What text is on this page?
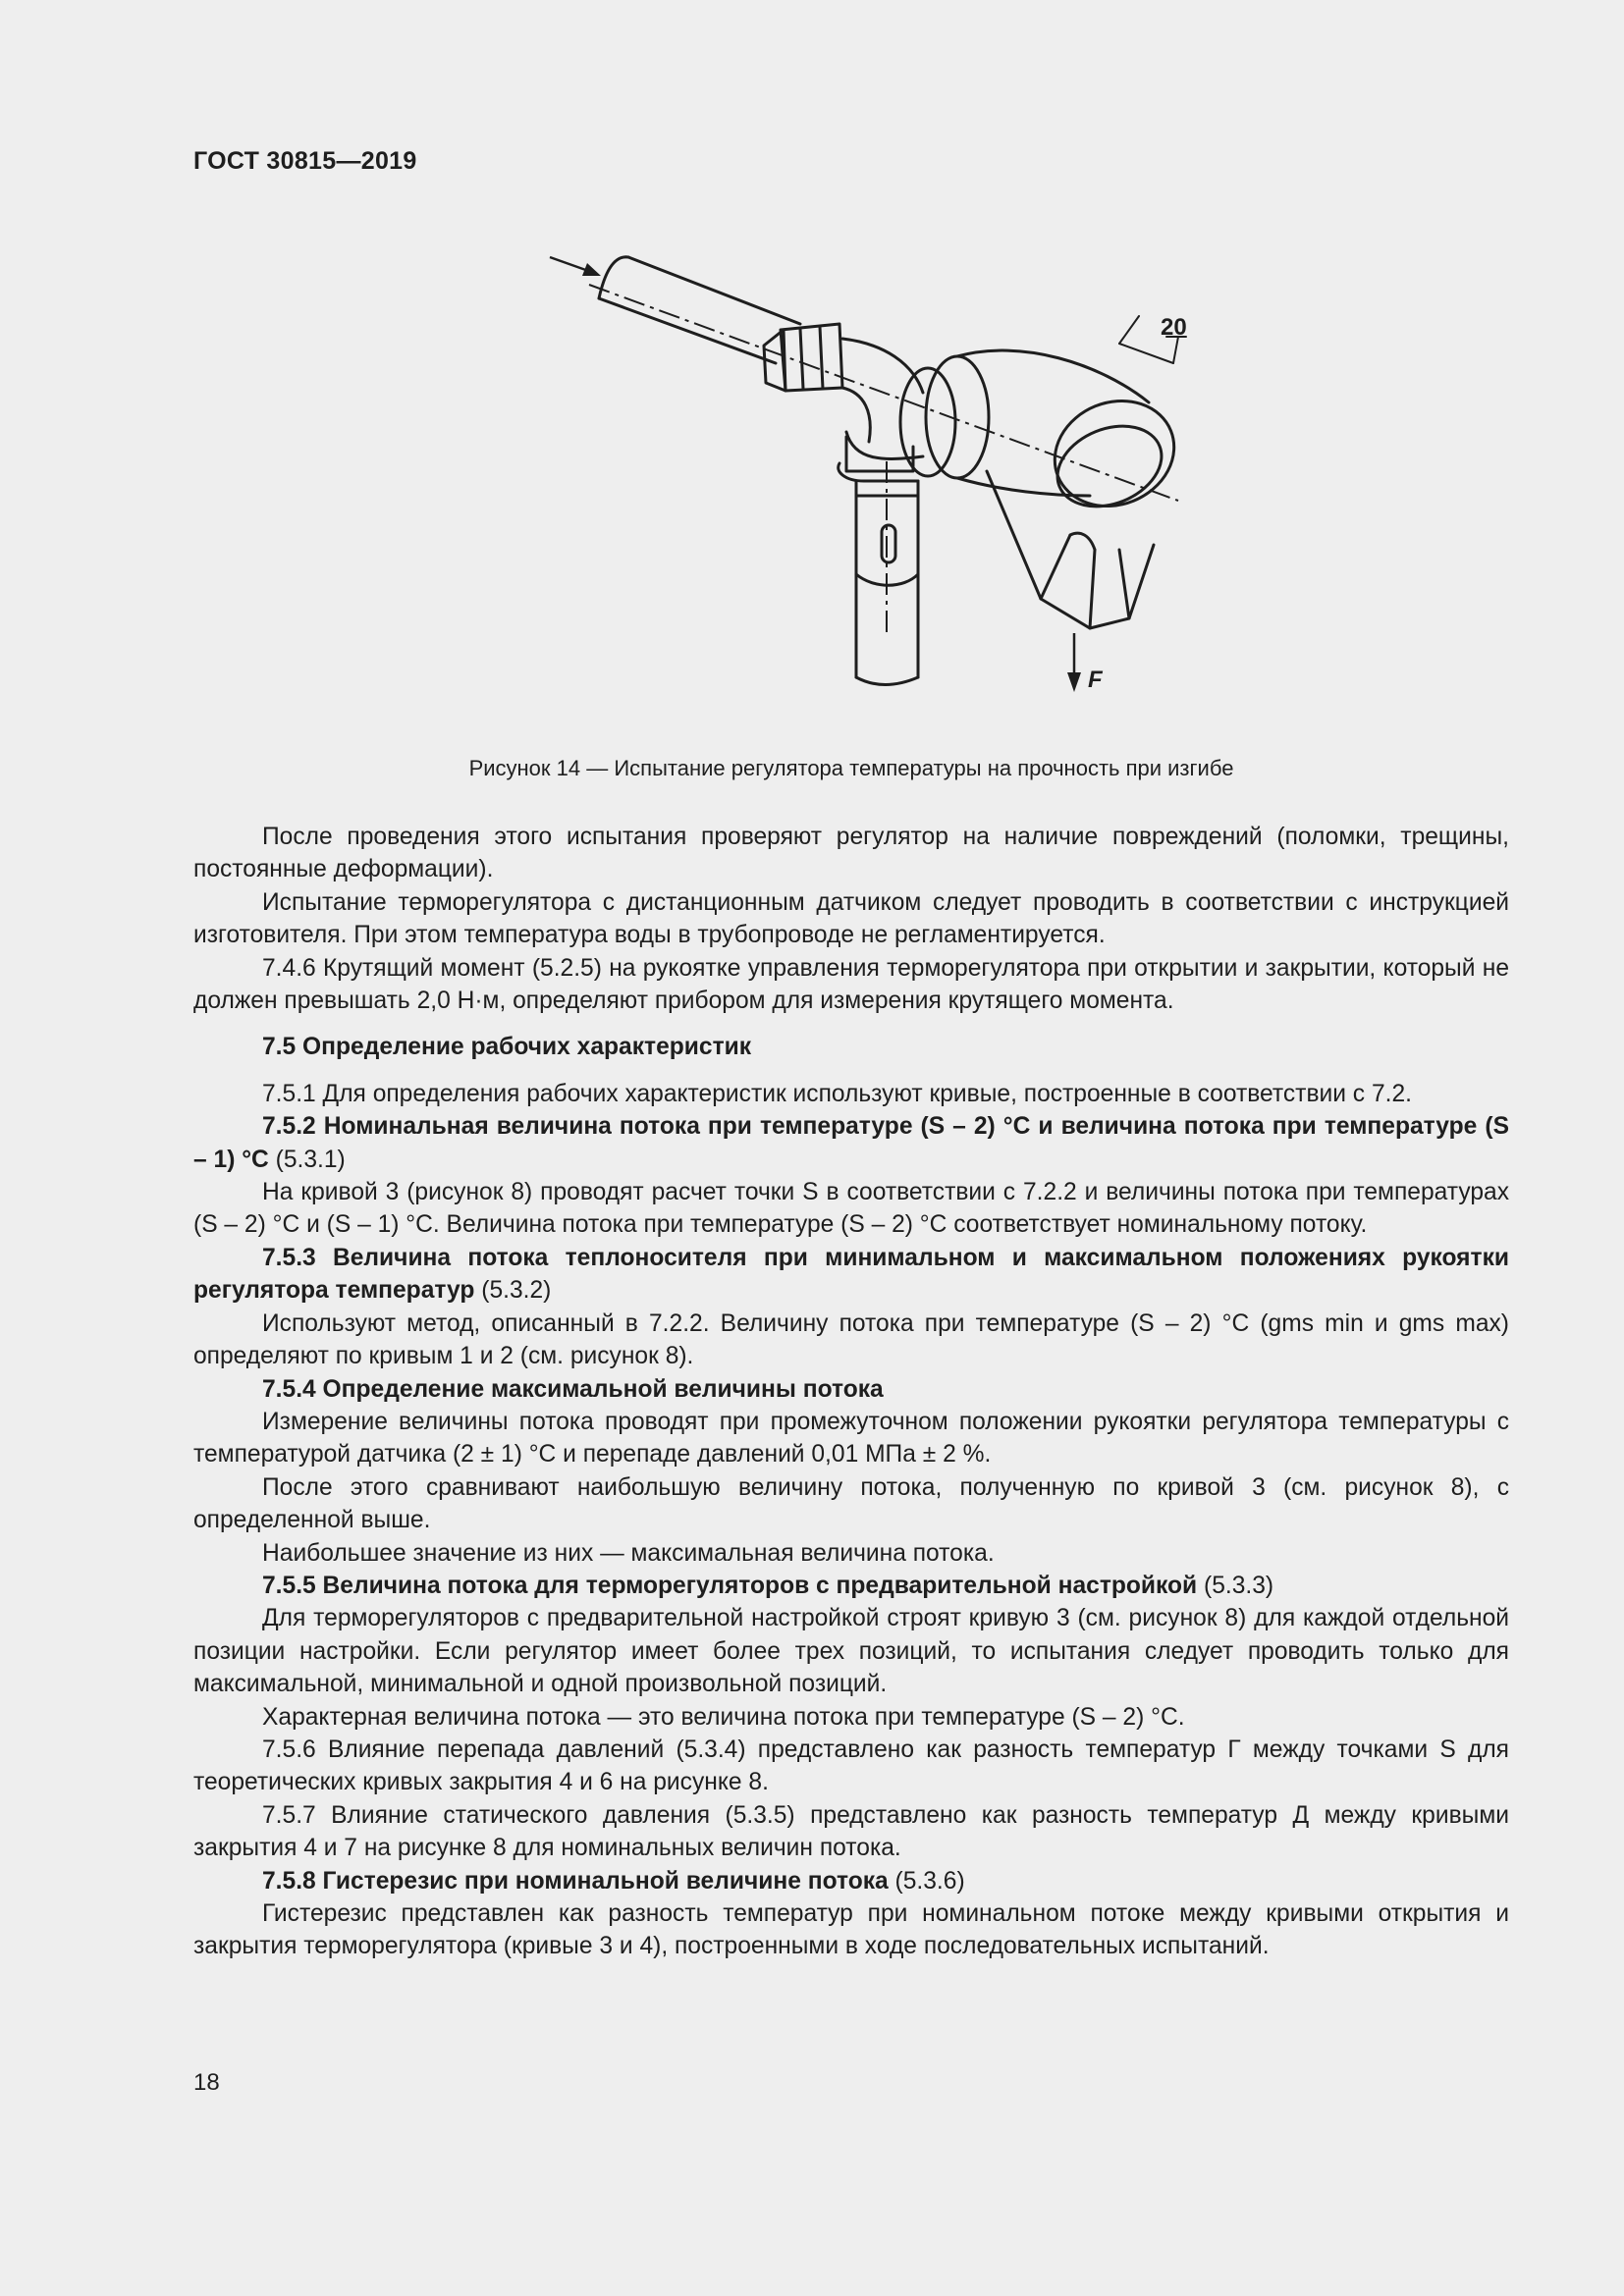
ГОСТ 30815—2019
20
F
Рисунок 14 — Испытание регулятора температуры на прочность при изгибе

После проведения этого испытания проверяют регулятор на наличие повреждений (поломки, трещины, постоянные деформации).

Испытание терморегулятора с дистанционным датчиком следует проводить в соответствии с инструкцией изготовителя. При этом температура воды в трубопроводе не регламентируется.

7.4.6 Крутящий момент (5.2.5) на рукоятке управления терморегулятора при открытии и закрытии, который не должен превышать 2,0 Н·м, определяют прибором для измерения крутящего момента.

7.5 Определение рабочих характеристик

7.5.1 Для определения рабочих характеристик используют кривые, построенные в соответствии с 7.2.

7.5.2 Номинальная величина потока при температуре (S – 2) °С и величина потока при температуре (S – 1) °С (5.3.1)

На кривой 3 (рисунок 8) проводят расчет точки S в соответствии с 7.2.2 и величины потока при температурах (S – 2) °С и (S – 1) °С. Величина потока при температуре (S – 2) °С соответствует номинальному потоку.

7.5.3 Величина потока теплоносителя при минимальном и максимальном положениях рукоятки регулятора температур (5.3.2)

Используют метод, описанный в 7.2.2. Величину потока при температуре (S – 2) °С (gms min и gms max) определяют по кривым 1 и 2 (см. рисунок 8).

7.5.4 Определение максимальной величины потока

Измерение величины потока проводят при промежуточном положении рукоятки регулятора температуры с температурой датчика (2 ± 1) °С и перепаде давлений 0,01 МПа ± 2 %.

После этого сравнивают наибольшую величину потока, полученную по кривой 3 (см. рисунок 8), с определенной выше.

Наибольшее значение из них — максимальная величина потока.

7.5.5 Величина потока для терморегуляторов с предварительной настройкой (5.3.3)

Для терморегуляторов с предварительной настройкой строят кривую 3 (см. рисунок 8) для каждой отдельной позиции настройки. Если регулятор имеет более трех позиций, то испытания следует проводить только для максимальной, минимальной и одной произвольной позиций.

Характерная величина потока — это величина потока при температуре (S – 2) °С.

7.5.6 Влияние перепада давлений (5.3.4) представлено как разность температур Г между точками S для теоретических кривых закрытия 4 и 6 на рисунке 8.

7.5.7 Влияние статического давления (5.3.5) представлено как разность температур Д между кривыми закрытия 4 и 7 на рисунке 8 для номинальных величин потока.

7.5.8 Гистерезис при номинальной величине потока (5.3.6)

Гистерезис представлен как разность температур при номинальном потоке между кривыми открытия и закрытия терморегулятора (кривые 3 и 4), построенными в ходе последовательных испытаний.

18
